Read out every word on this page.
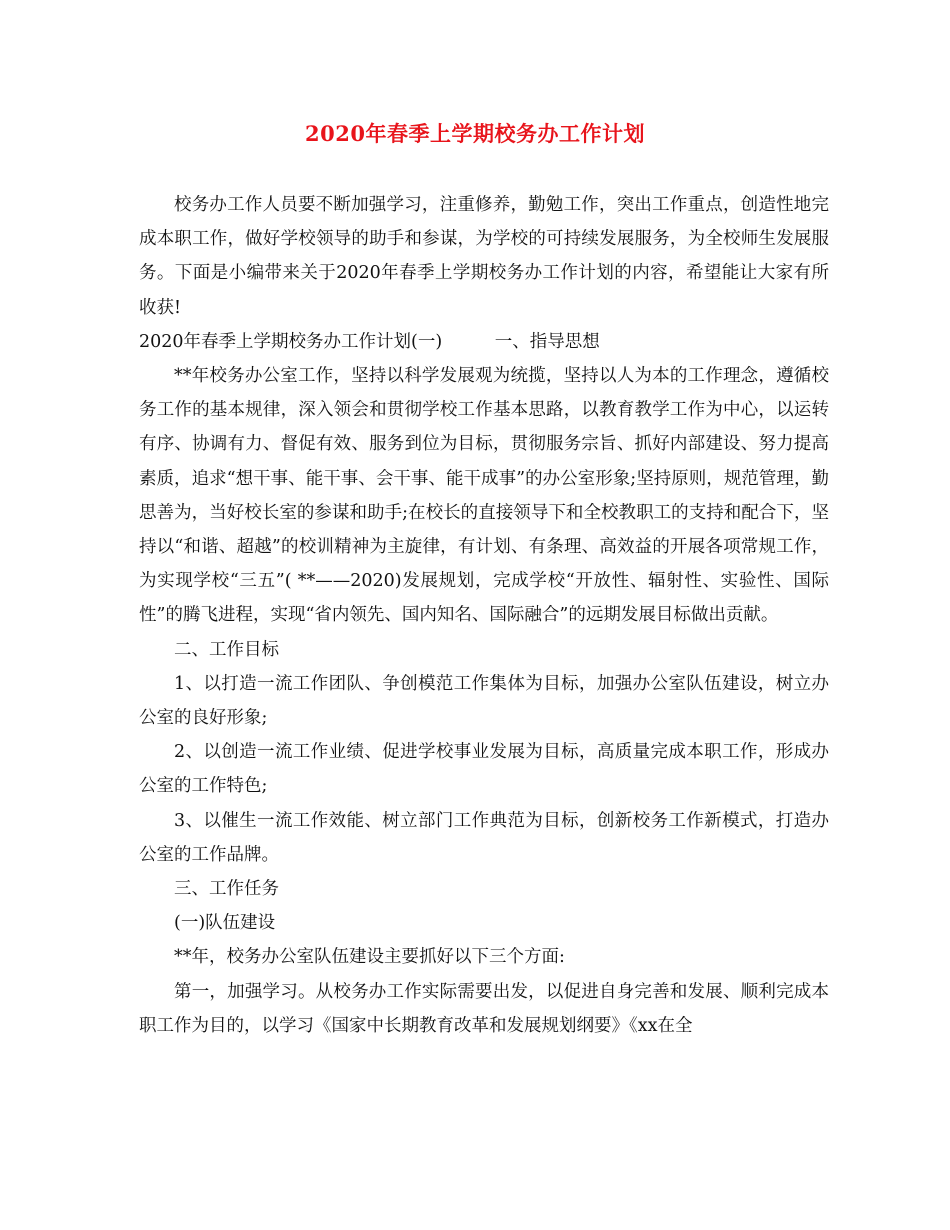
2020年春季上学期校务办工作计划

校务办工作人员要不断加强学习，注重修养，勤勉工作，突出工作重点，创造性地完成本职工作，做好学校领导的助手和参谋，为学校的可持续发展服务，为全校师生发展服务。下面是小编带来关于2020年春季上学期校务办工作计划的内容，希望能让大家有所收获!

2020年春季上学期校务办工作计划(一)	一、指导思想

**年校务办公室工作，坚持以科学发展观为统揽，坚持以人为本的工作理念，遵循校务工作的基本规律，深入领会和贯彻学校工作基本思路，以教育教学工作为中心，以运转有序、协调有力、督促有效、服务到位为目标，贯彻服务宗旨、抓好内部建设、努力提高素质，追求“想干事、能干事、会干事、能干成事”的办公室形象;坚持原则，规范管理，勤思善为，当好校长室的参谋和助手;在校长的直接领导下和全校教职工的支持和配合下，坚持以“和谐、超越”的校训精神为主旋律，有计划、有条理、高效益的开展各项常规工作，为实现学校“三五”( **——2020)发展规划，完成学校“开放性、辐射性、实验性、国际性”的腾飞进程，实现“省内领先、国内知名、国际融合”的远期发展目标做出贡献。

二、工作目标

1、以打造一流工作团队、争创模范工作集体为目标，加强办公室队伍建设，树立办公室的良好形象;

2、以创造一流工作业绩、促进学校事业发展为目标，高质量完成本职工作，形成办公室的工作特色;

3、以催生一流工作效能、树立部门工作典范为目标，创新校务工作新模式，打造办公室的工作品牌。

三、工作任务

(一)队伍建设

**年，校务办公室队伍建设主要抓好以下三个方面:

第一，加强学习。从校务办工作实际需要出发，以促进自身完善和发展、顺利完成本职工作为目的，以学习《国家中长期教育改革和发展规划纲要》《xx在全
